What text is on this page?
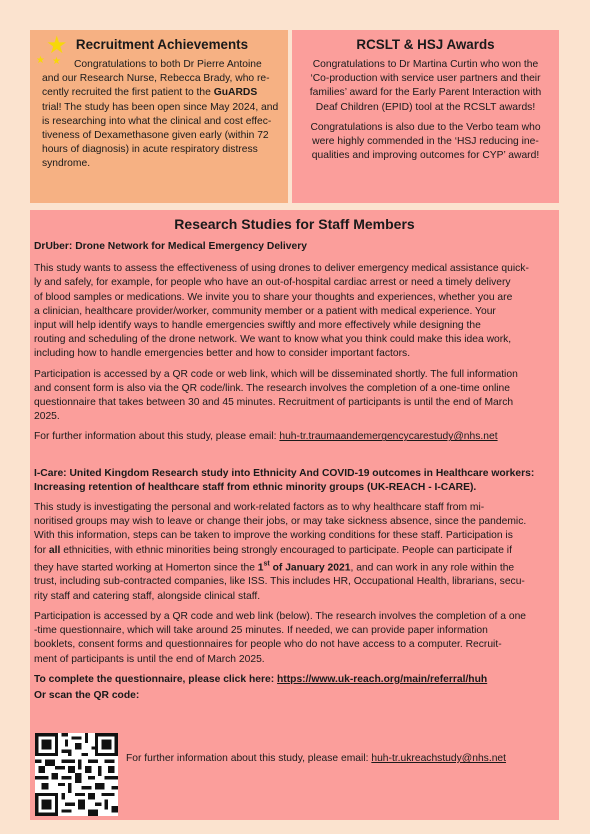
★
★ ★
Recruitment Achievements

Congratulations to both Dr Pierre Antoine

and our Research Nurse, Rebecca Brady, who re-

cently recruited the first patient to the GuARDS

trial! The study has been open since May 2024, and

is researching into what the clinical and cost effec-

tiveness of Dexamethasone given early (within 72

hours of diagnosis) in acute respiratory distress

syndrome.

RCSLT & HSJ Awards

Congratulations to Dr Martina Curtin who won the

‘Co-production with service user partners and their

families’ award for the Early Parent Interaction with

Deaf Children (EPID) tool at the RCSLT awards!

Congratulations is also due to the Verbo team who

were highly commended in the ‘HSJ reducing ine-

qualities and improving outcomes for CYP’ award!

Research Studies for Staff Members

DrUber: Drone Network for Medical Emergency Delivery

This study wants to assess the effectiveness of using drones to deliver emergency medical assistance quick-

ly and safely, for example, for people who have an out-of-hospital cardiac arrest or need a timely delivery

of blood samples or medications. We invite you to share your thoughts and experiences, whether you are

a clinician, healthcare provider/worker, community member or a patient with medical experience. Your

input will help identify ways to handle emergencies swiftly and more effectively while designing the

routing and scheduling of the drone network. We want to know what you think could make this idea work,

including how to handle emergencies better and how to consider important factors.

Participation is accessed by a QR code or web link, which will be disseminated shortly. The full information

and consent form is also via the QR code/link. The research involves the completion of a one-time online

questionnaire that takes between 30 and 45 minutes. Recruitment of participants is until the end of March

2025.

For further information about this study, please email: huh-tr.traumaandemergencycarestudy@nhs.net

I-Care: United Kingdom Research study into Ethnicity And COVID-19 outcomes in Healthcare workers:

Increasing retention of healthcare staff from ethnic minority groups (UK-REACH - I-CARE).

This study is investigating the personal and work-related factors as to why healthcare staff from mi-

noritised groups may wish to leave or change their jobs, or may take sickness absence, since the pandemic.

With this information, steps can be taken to improve the working conditions for these staff. Participation is

for all ethnicities, with ethnic minorities being strongly encouraged to participate. People can participate if

they have started working at Homerton since the 1st of January 2021, and can work in any role within the

trust, including sub-contracted companies, like ISS. This includes HR, Occupational Health, librarians, secu-

rity staff and catering staff, alongside clinical staff.

Participation is accessed by a QR code and web link (below). The research involves the completion of a one

-time questionnaire, which will take around 25 minutes. If needed, we can provide paper information

booklets, consent forms and questionnaires for people who do not have access to a computer. Recruit-

ment of participants is until the end of March 2025.

To complete the questionnaire, please click here: https://www.uk-reach.org/main/referral/huh

Or scan the QR code:

For further information about this study, please email: huh-tr.ukreachstudy@nhs.net
